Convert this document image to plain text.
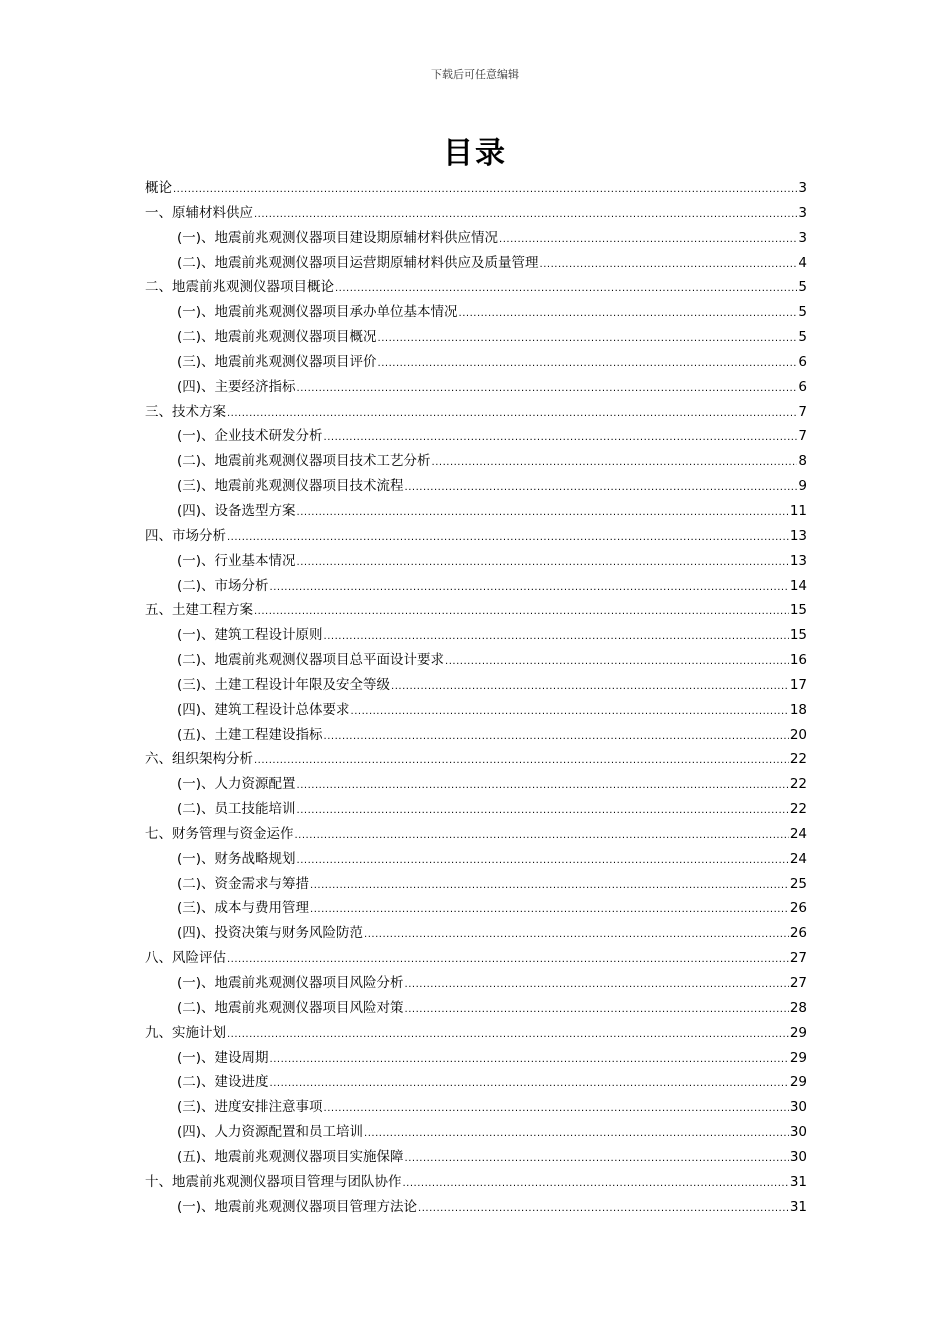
下载后可任意编辑
目录
概论 .....	3
一、原辅材料供应 .....	3
(一)、地震前兆观测仪器项目建设期原辅材料供应情况 .....	3
(二)、地震前兆观测仪器项目运营期原辅材料供应及质量管理 .....	4
二、地震前兆观测仪器项目概论 .....	5
(一)、地震前兆观测仪器项目承办单位基本情况 .....	5
(二)、地震前兆观测仪器项目概况 .....	5
(三)、地震前兆观测仪器项目评价 .....	6
(四)、主要经济指标 .....	6
三、技术方案 .....	7
(一)、企业技术研发分析 .....	7
(二)、地震前兆观测仪器项目技术工艺分析 .....	8
(三)、地震前兆观测仪器项目技术流程 .....	9
(四)、设备选型方案 .....	11
四、市场分析 .....	13
(一)、行业基本情况 .....	13
(二)、市场分析 .....	14
五、土建工程方案 .....	15
(一)、建筑工程设计原则 .....	15
(二)、地震前兆观测仪器项目总平面设计要求 .....	16
(三)、土建工程设计年限及安全等级 .....	17
(四)、建筑工程设计总体要求 .....	18
(五)、土建工程建设指标 .....	20
六、组织架构分析 .....	22
(一)、人力资源配置 .....	22
(二)、员工技能培训 .....	22
七、财务管理与资金运作 .....	24
(一)、财务战略规划 .....	24
(二)、资金需求与筹措 .....	25
(三)、成本与费用管理 .....	26
(四)、投资决策与财务风险防范 .....	26
八、风险评估 .....	27
(一)、地震前兆观测仪器项目风险分析 .....	27
(二)、地震前兆观测仪器项目风险对策 .....	28
九、实施计划 .....	29
(一)、建设周期 .....	29
(二)、建设进度 .....	29
(三)、进度安排注意事项 .....	30
(四)、人力资源配置和员工培训 .....	30
(五)、地震前兆观测仪器项目实施保障 .....	30
十、地震前兆观测仪器项目管理与团队协作 .....	31
(一)、地震前兆观测仪器项目管理方法论 .....	31
